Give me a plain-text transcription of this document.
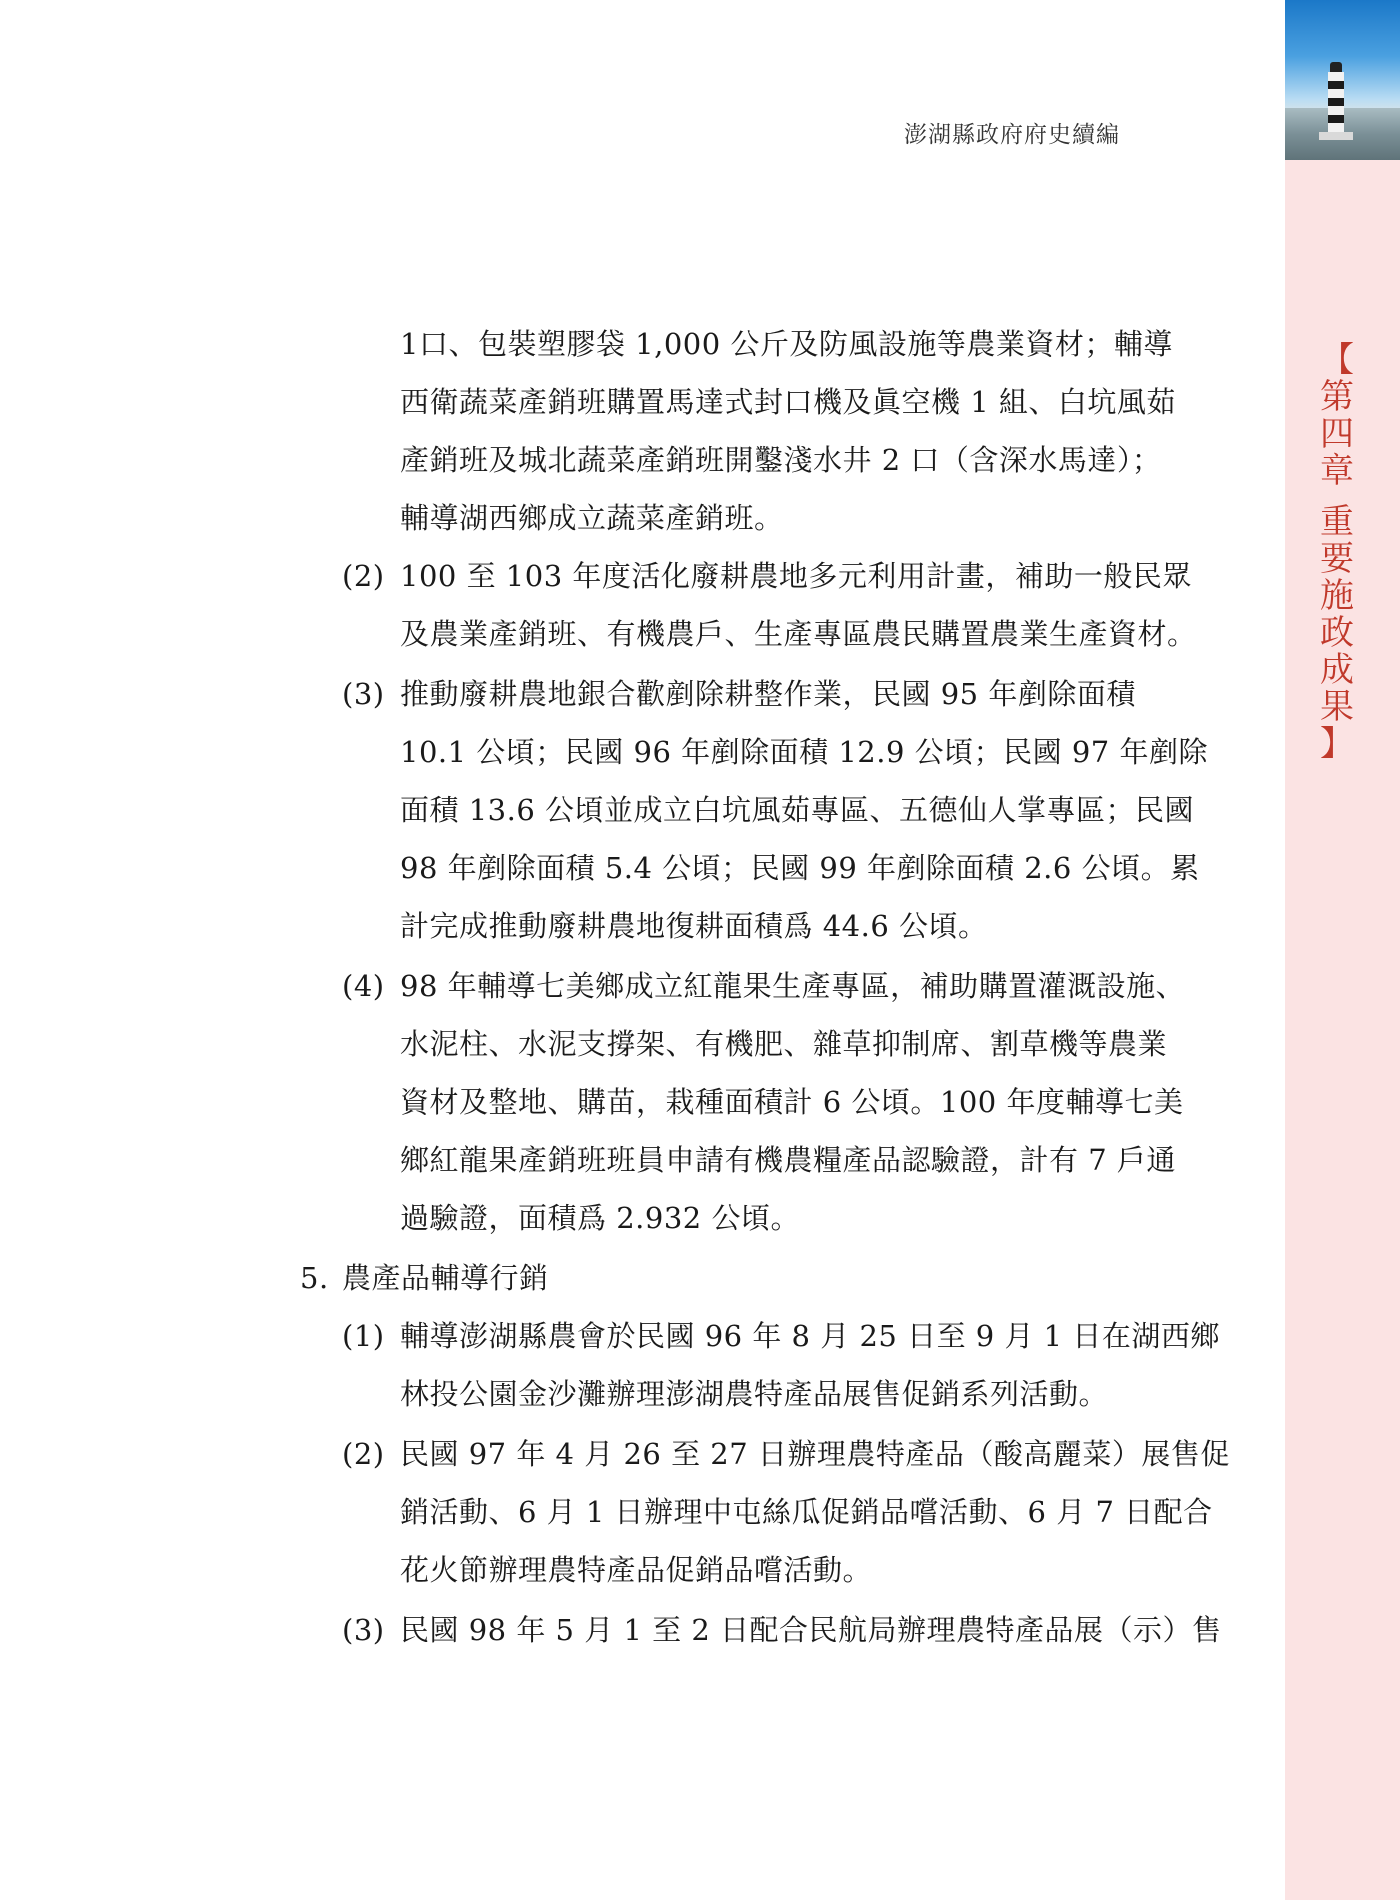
澎湖縣政府府史續編
1口、包裝塑膠袋 1,000 公斤及防風設施等農業資材；輔導
西衛蔬菜產銷班購置馬達式封口機及眞空機 1 組、白坑風茹
產銷班及城北蔬菜產銷班開鑿淺水井 2 口（含深水馬達）；
輔導湖西鄉成立蔬菜產銷班。
(2) 100 至 103 年度活化廢耕農地多元利用計畫，補助一般民眾
及農業產銷班、有機農戶、生產專區農民購置農業生產資材。
(3) 推動廢耕農地銀合歡剷除耕整作業，民國 95 年剷除面積
10.1 公頃；民國 96 年剷除面積 12.9 公頃；民國 97 年剷除
面積 13.6 公頃並成立白坑風茹專區、五德仙人掌專區；民國
98 年剷除面積 5.4 公頃；民國 99 年剷除面積 2.6 公頃。累
計完成推動廢耕農地復耕面積爲 44.6 公頃。
(4) 98 年輔導七美鄉成立紅龍果生產專區，補助購置灌溉設施、
水泥柱、水泥支撐架、有機肥、雜草抑制席、割草機等農業
資材及整地、購苗，栽種面積計 6 公頃。100 年度輔導七美
鄉紅龍果產銷班班員申請有機農糧產品認驗證，計有 7 戶通
過驗證，面積爲 2.932 公頃。
5. 農產品輔導行銷
(1) 輔導澎湖縣農會於民國 96 年 8 月 25 日至 9 月 1 日在湖西鄉
林投公園金沙灘辦理澎湖農特產品展售促銷系列活動。
(2) 民國 97 年 4 月 26 至 27 日辦理農特產品（酸高麗菜）展售促
銷活動、6 月 1 日辦理中屯絲瓜促銷品嚐活動、6 月 7 日配合
花火節辦理農特產品促銷品嚐活動。
(3) 民國 98 年 5 月 1 至 2 日配合民航局辦理農特產品展（示）售
【
第
四
章

重
要
施
政
成
果
】
